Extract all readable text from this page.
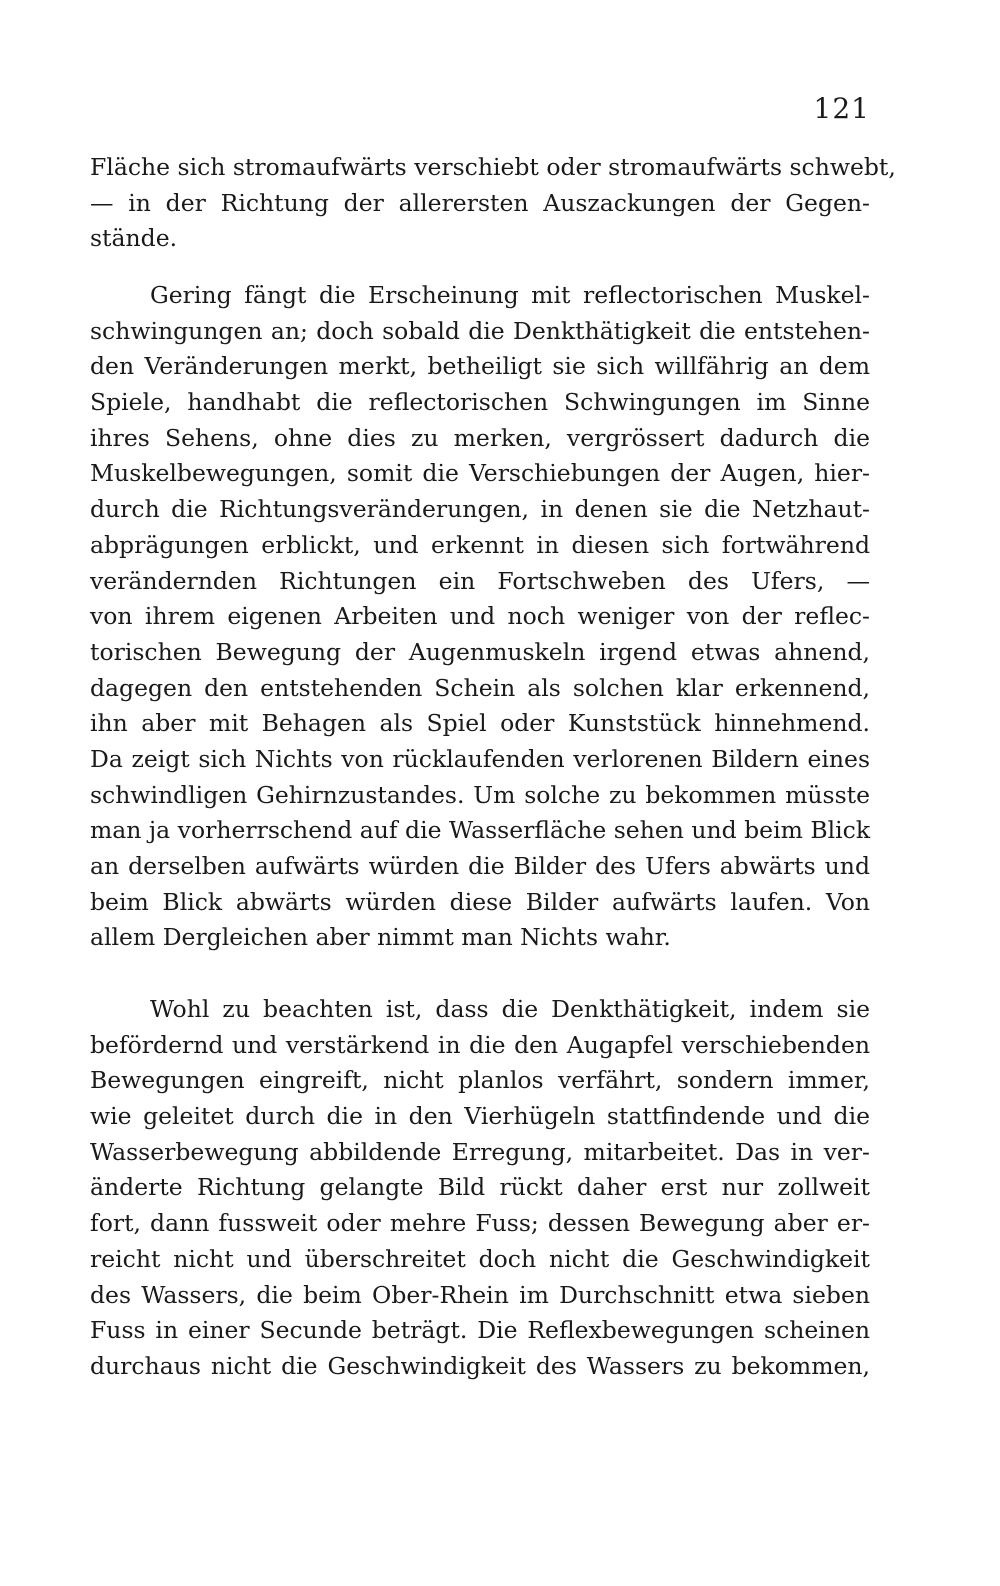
121
Fläche sich stromaufwärts verschiebt oder stromaufwärts schwebt,
— in der Richtung der allerersten Auszackungen der Gegen-
stände.
Gering fängt die Erscheinung mit reflectorischen Muskel-
schwingungen an; doch sobald die Denkthätigkeit die entstehen-
den Veränderungen merkt, betheiligt sie sich willfährig an dem
Spiele, handhabt die reflectorischen Schwingungen im Sinne
ihres Sehens, ohne dies zu merken, vergrössert dadurch die
Muskelbewegungen, somit die Verschiebungen der Augen, hier-
durch die Richtungsveränderungen, in denen sie die Netzhaut-
abprägungen erblickt, und erkennt in diesen sich fortwährend
verändernden Richtungen ein Fortschweben des Ufers, —
von ihrem eigenen Arbeiten und noch weniger von der reflec-
torischen Bewegung der Augenmuskeln irgend etwas ahnend,
dagegen den entstehenden Schein als solchen klar erkennend,
ihn aber mit Behagen als Spiel oder Kunststück hinnehmend.
Da zeigt sich Nichts von rücklaufenden verlorenen Bildern eines
schwindligen Gehirnzustandes. Um solche zu bekommen müsste
man ja vorherrschend auf die Wasserfläche sehen und beim Blick
an derselben aufwärts würden die Bilder des Ufers abwärts und
beim Blick abwärts würden diese Bilder aufwärts laufen. Von
allem Dergleichen aber nimmt man Nichts wahr.
Wohl zu beachten ist, dass die Denkthätigkeit, indem sie
befördernd und verstärkend in die den Augapfel verschiebenden
Bewegungen eingreift, nicht planlos verfährt, sondern immer,
wie geleitet durch die in den Vierhügeln stattfindende und die
Wasserbewegung abbildende Erregung, mitarbeitet. Das in ver-
änderte Richtung gelangte Bild rückt daher erst nur zollweit
fort, dann fussweit oder mehre Fuss; dessen Bewegung aber er-
reicht nicht und überschreitet doch nicht die Geschwindigkeit
des Wassers, die beim Ober-Rhein im Durchschnitt etwa sieben
Fuss in einer Secunde beträgt. Die Reflexbewegungen scheinen
durchaus nicht die Geschwindigkeit des Wassers zu bekommen,
